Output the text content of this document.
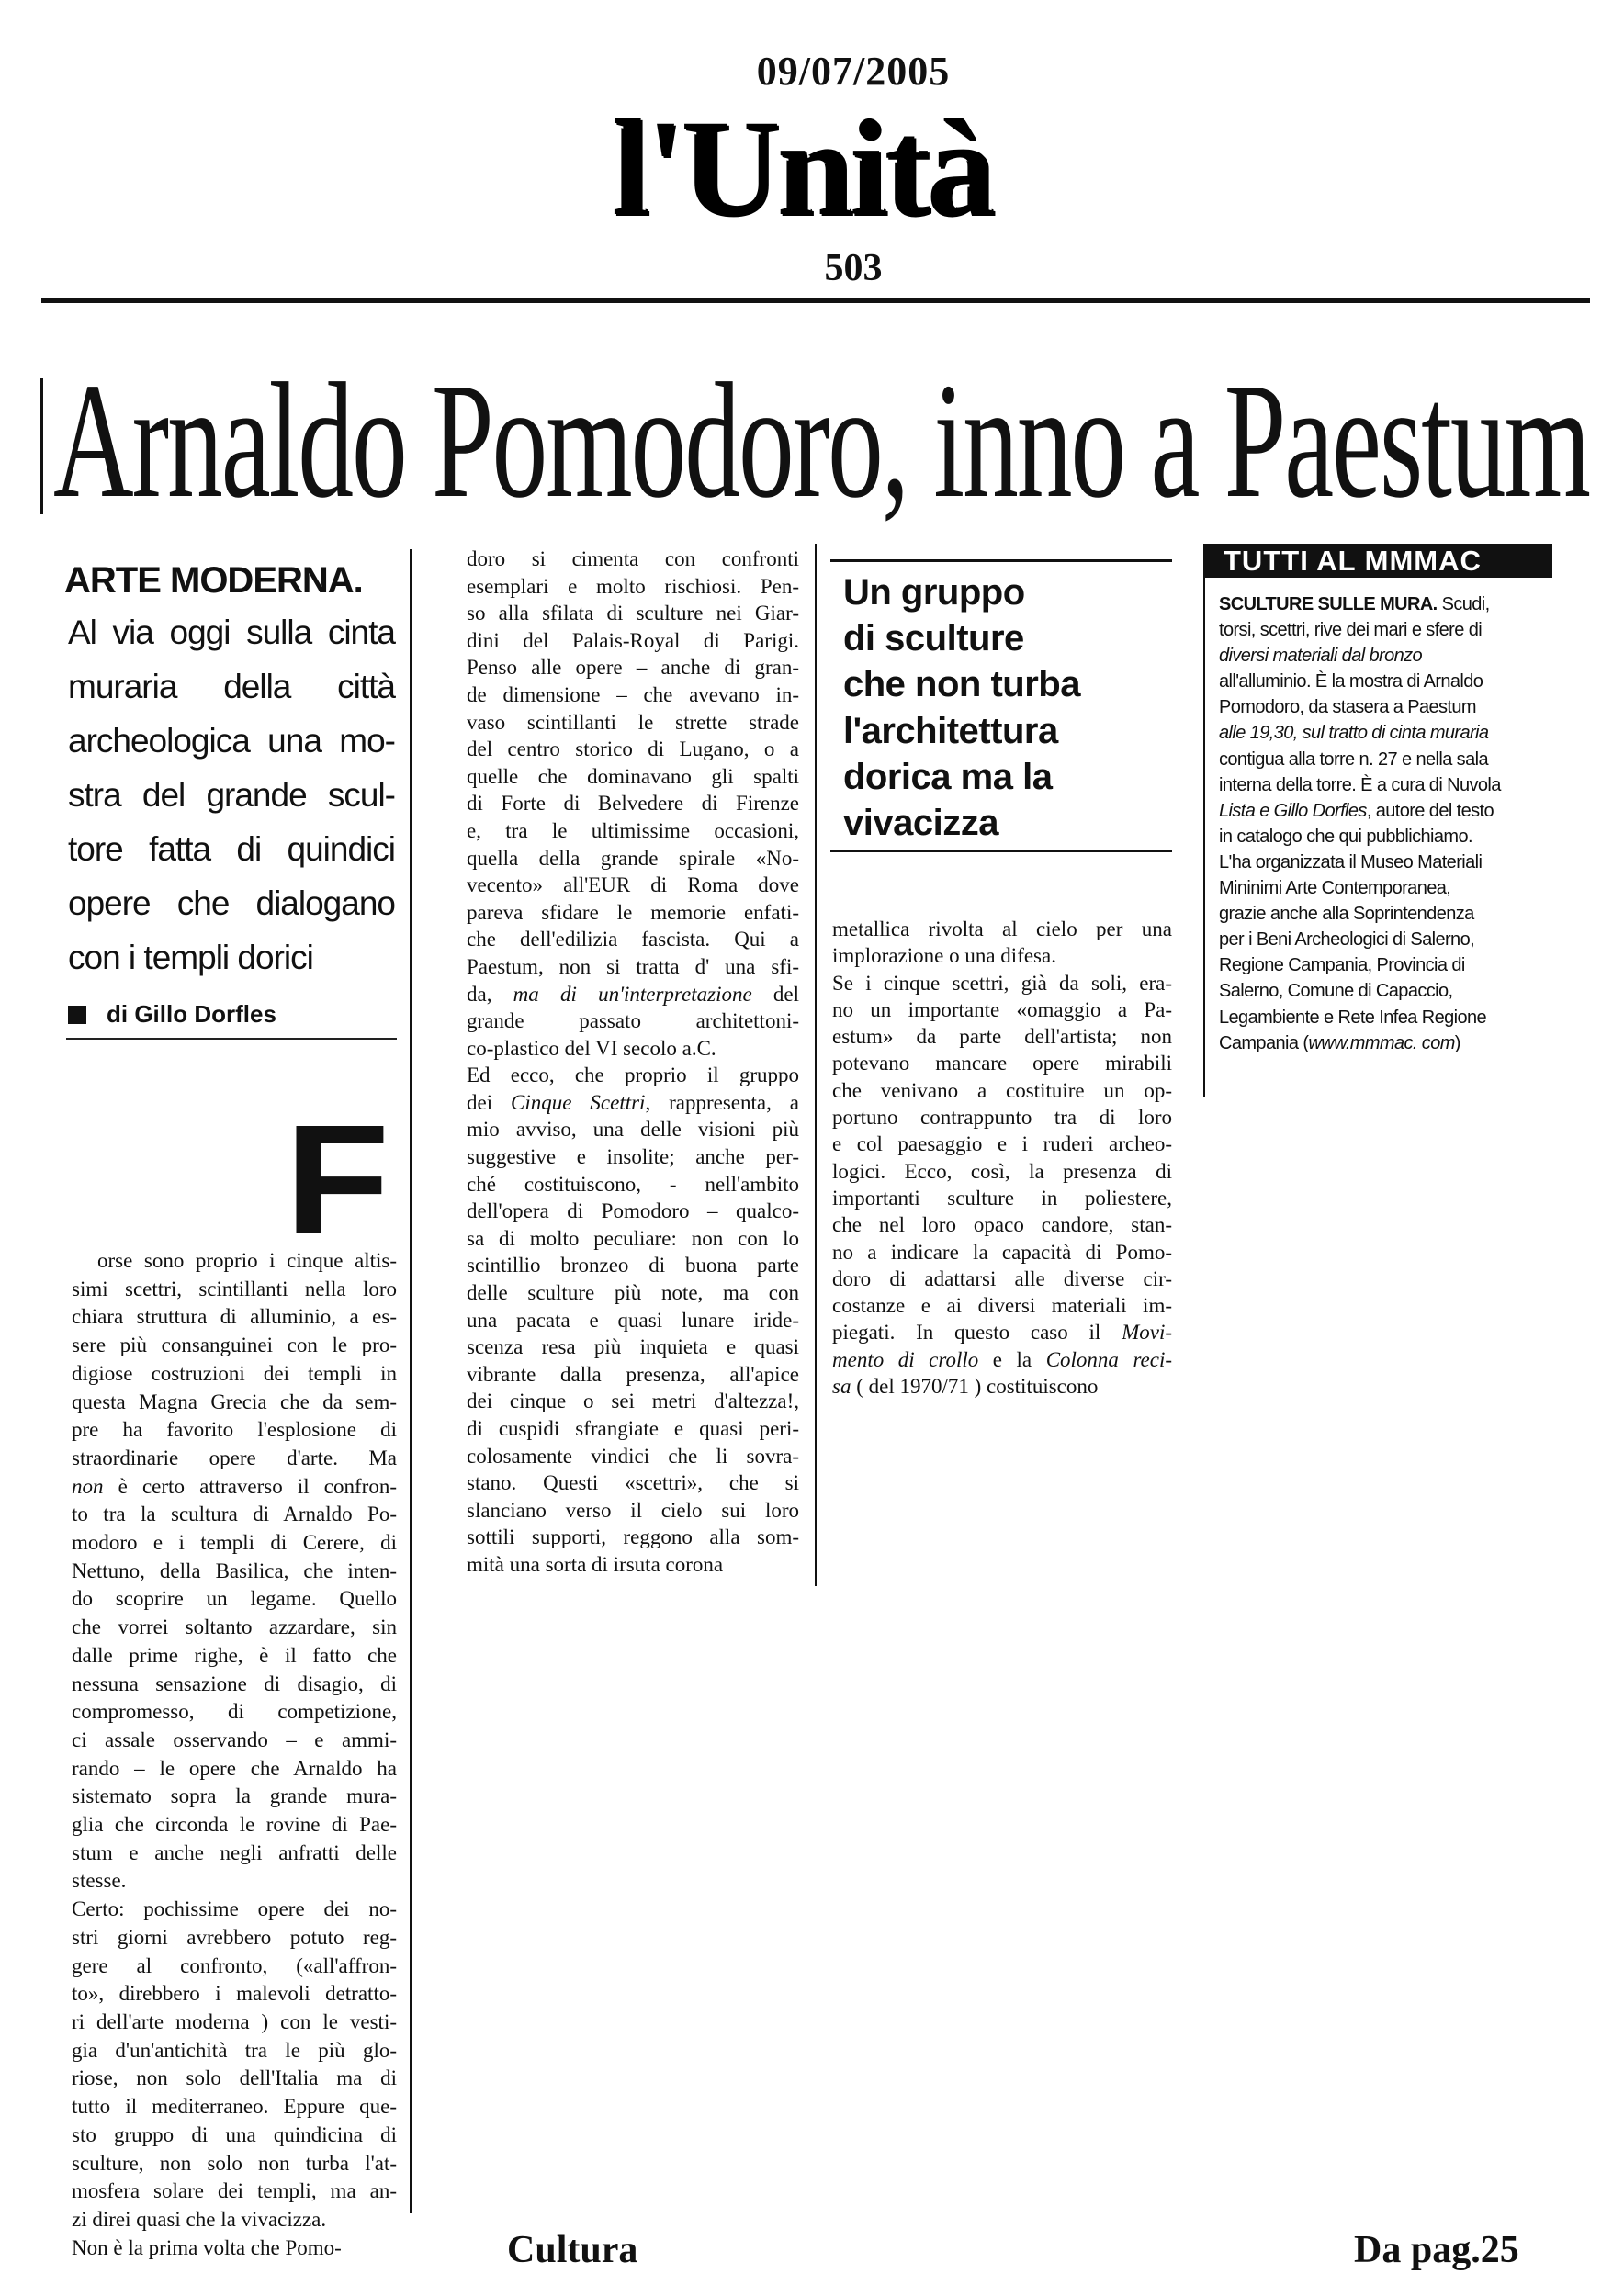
09/07/2005
l'Unità
503
Arnaldo Pomodoro, inno a Paestum
ARTE MODERNA.
Al via oggi sulla cinta
muraria della città
archeologica una mo-
stra del grande scul-
tore fatta di quindici
opere che dialogano
con i templi dorici
di Gillo Dorfles
F
orse sono proprio i cinque altis-
simi scettri, scintillanti nella loro
chiara struttura di alluminio, a es-
sere più consanguinei con le pro-
digiose costruzioni dei templi in
questa Magna Grecia che da sem-
pre ha favorito l'esplosione di
straordinarie opere d'arte. Ma
non è certo attraverso il confron-
to tra la scultura di Arnaldo Po-
modoro e i templi di Cerere, di
Nettuno, della Basilica, che inten-
do scoprire un legame. Quello
che vorrei soltanto azzardare, sin
dalle prime righe, è il fatto che
nessuna sensazione di disagio, di
compromesso, di competizione,
ci assale osservando – e ammi-
rando – le opere che Arnaldo ha
sistemato sopra la grande mura-
glia che circonda le rovine di Pae-
stum e anche negli anfratti delle
stesse.
Certo: pochissime opere dei no-
stri giorni avrebbero potuto reg-
gere al confronto, («all'affron-
to», direbbero i malevoli detratto-
ri dell'arte moderna ) con le vesti-
gia d'un'antichità tra le più glo-
riose, non solo dell'Italia ma di
tutto il mediterraneo. Eppure que-
sto gruppo di una quindicina di
sculture, non solo non turba l'at-
mosfera solare dei templi, ma an-
zi direi quasi che la vivacizza.
Non è la prima volta che Pomo-
doro si cimenta con confronti
esemplari e molto rischiosi. Pen-
so alla sfilata di sculture nei Giar-
dini del Palais-Royal di Parigi.
Penso alle opere – anche di gran-
de dimensione – che avevano in-
vaso scintillanti le strette strade
del centro storico di Lugano, o a
quelle che dominavano gli spalti
di Forte di Belvedere di Firenze
e, tra le ultimissime occasioni,
quella della grande spirale «No-
vecento» all'EUR di Roma dove
pareva sfidare le memorie enfati-
che dell'edilizia fascista. Qui a
Paestum, non si tratta d' una sfi-
da, ma di un'interpretazione del
grande passato architettoni-
co-plastico del VI secolo a.C.
Ed ecco, che proprio il gruppo
dei Cinque Scettri, rappresenta, a
mio avviso, una delle visioni più
suggestive e insolite; anche per-
ché costituiscono, - nell'ambito
dell'opera di Pomodoro – qualco-
sa di molto peculiare: non con lo
scintillio bronzeo di buona parte
delle sculture più note, ma con
una pacata e quasi lunare iride-
scenza resa più inquieta e quasi
vibrante dalla presenza, all'apice
dei cinque o sei metri d'altezza!,
di cuspidi sfrangiate e quasi peri-
colosamente vindici che li sovra-
stano. Questi «scettri», che si
slanciano verso il cielo sui loro
sottili supporti, reggono alla som-
mità una sorta di irsuta corona
Un gruppo
di sculture
che non turba
l'architettura
dorica ma la
vivacizza
metallica rivolta al cielo per una
implorazione o una difesa.
Se i cinque scettri, già da soli, era-
no un importante «omaggio a Pa-
estum» da parte dell'artista; non
potevano mancare opere mirabili
che venivano a costituire un op-
portuno contrappunto tra di loro
e col paesaggio e i ruderi archeo-
logici. Ecco, così, la presenza di
importanti sculture in poliestere,
che nel loro opaco candore, stan-
no a indicare la capacità di Pomo-
doro di adattarsi alle diverse cir-
costanze e ai diversi materiali im-
piegati. In questo caso il Movi-
mento di crollo e la Colonna reci-
sa ( del 1970/71 ) costituiscono
TUTTI AL MMMAC
SCULTURE SULLE MURA. Scudi,
torsi, scettri, rive dei mari e sfere di
diversi materiali dal bronzo
all'alluminio. È la mostra di Arnaldo
Pomodoro, da stasera a Paestum
alle 19,30, sul tratto di cinta muraria
contigua alla torre n. 27 e nella sala
interna della torre. È a cura di Nuvola
Lista e Gillo Dorfles, autore del testo
in catalogo che qui pubblichiamo.
L'ha organizzata il Museo Materiali
Mininimi Arte Contemporanea,
grazie anche alla Soprintendenza
per i Beni Archeologici di Salerno,
Regione Campania, Provincia di
Salerno, Comune di Capaccio,
Legambiente e Rete Infea Regione
Campania (www.mmmac. com)
Cultura	Da pag.25
